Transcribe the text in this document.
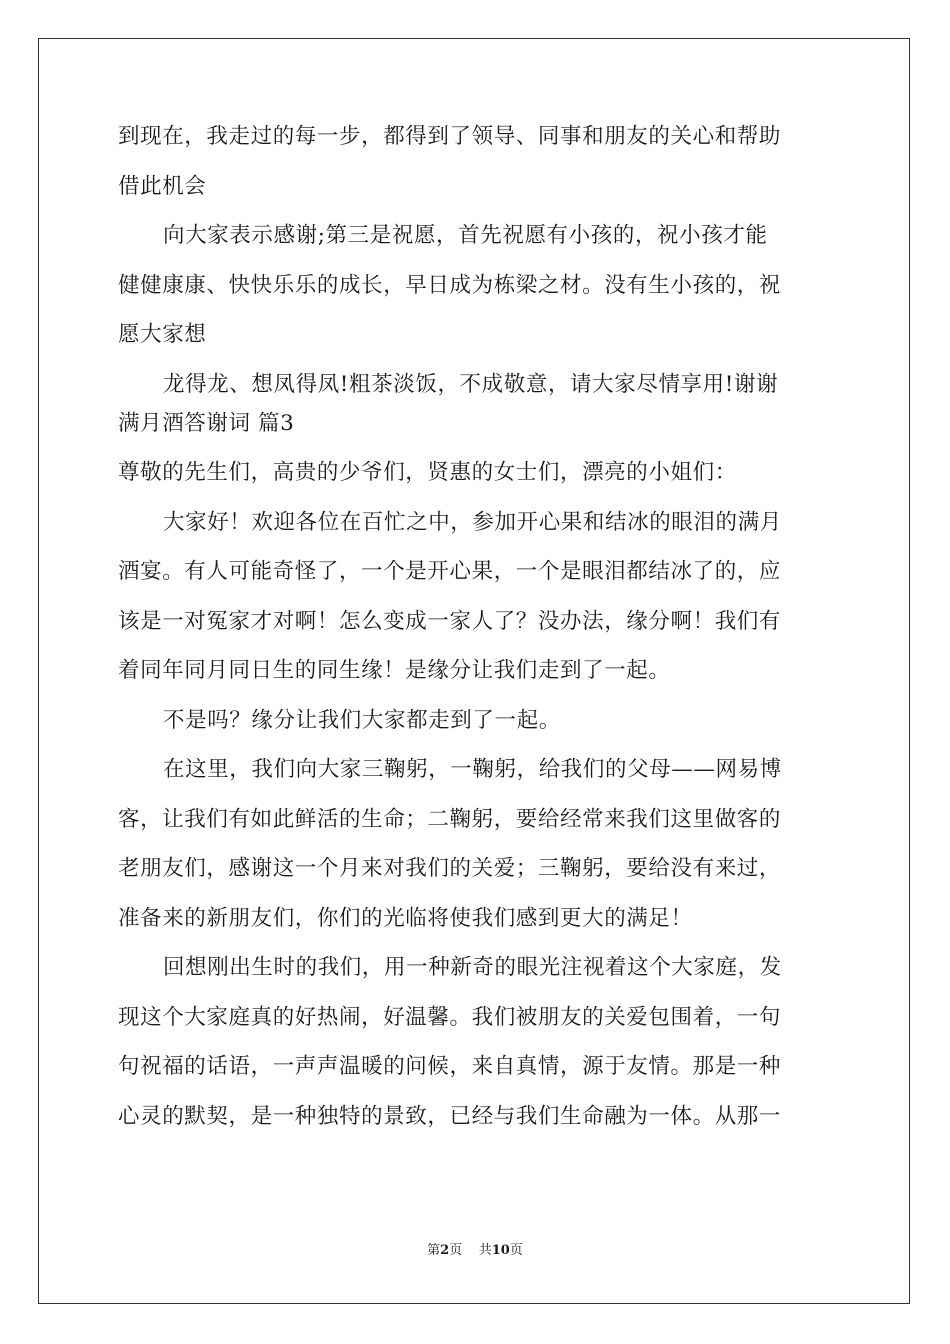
到现在，我走过的每一步，都得到了领导、同事和朋友的关心和帮助
借此机会
向大家表示感谢;第三是祝愿，首先祝愿有小孩的，祝小孩才能
健健康康、快快乐乐的成长，早日成为栋梁之材。没有生小孩的，祝
愿大家想
龙得龙、想凤得凤!粗茶淡饭，不成敬意，请大家尽情享用!谢谢
满月酒答谢词 篇3
尊敬的先生们，高贵的少爷们，贤惠的女士们，漂亮的小姐们：
大家好！欢迎各位在百忙之中，参加开心果和结冰的眼泪的满月
酒宴。有人可能奇怪了，一个是开心果，一个是眼泪都结冰了的，应
该是一对冤家才对啊！怎么变成一家人了？没办法，缘分啊！我们有
着同年同月同日生的同生缘！是缘分让我们走到了一起。
不是吗？缘分让我们大家都走到了一起。
在这里，我们向大家三鞠躬，一鞠躬，给我们的父母——网易博
客，让我们有如此鲜活的生命；二鞠躬，要给经常来我们这里做客的
老朋友们，感谢这一个月来对我们的关爱；三鞠躬，要给没有来过，
准备来的新朋友们，你们的光临将使我们感到更大的满足！
回想刚出生时的我们，用一种新奇的眼光注视着这个大家庭，发
现这个大家庭真的好热闹，好温馨。我们被朋友的关爱包围着，一句
句祝福的话语，一声声温暖的问候，来自真情，源于友情。那是一种
心灵的默契，是一种独特的景致，已经与我们生命融为一体。从那一
第2页 共10页
